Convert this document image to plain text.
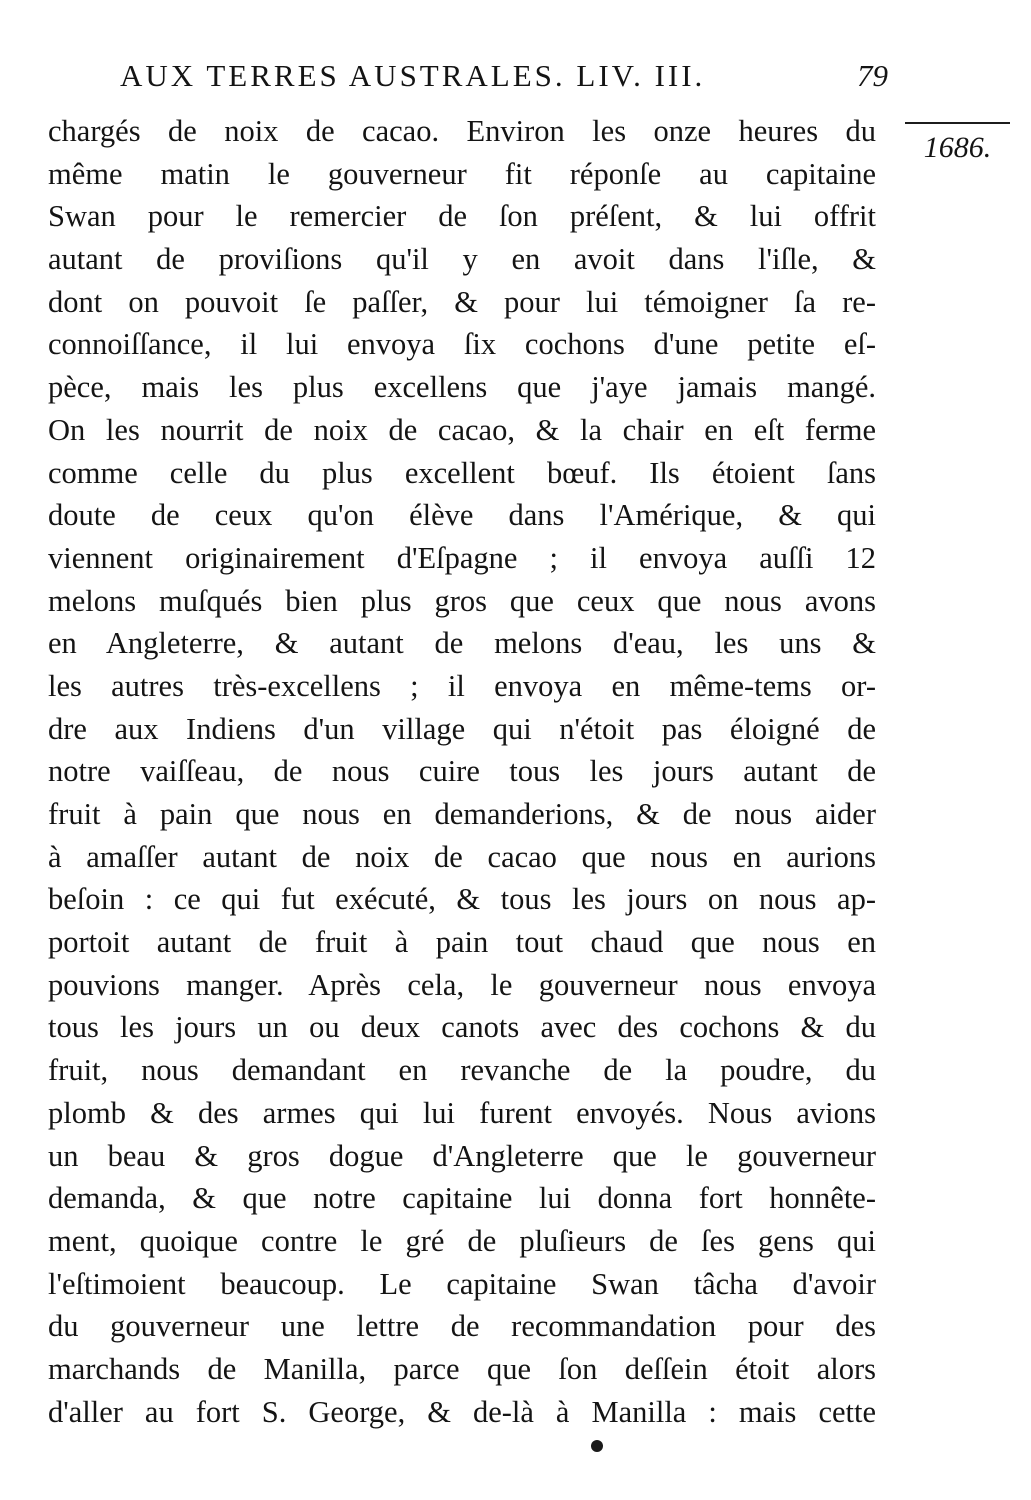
AUX TERRES AUSTRALES. LIV. III.	79
1686.
chargés de noix de cacao. Environ les onze heures du
même matin le gouverneur fit réponſe au capitaine
Swan pour le remercier de ſon préſent, & lui offrit
autant de proviſions qu'il y en avoit dans l'iſle, &
dont on pouvoit ſe paſſer, & pour lui témoigner ſa re-
connoiſſance, il lui envoya ſix cochons d'une petite eſ-
pèce, mais les plus excellens que j'aye jamais mangé.
On les nourrit de noix de cacao, & la chair en eſt ferme
comme celle du plus excellent bœuf. Ils étoient ſans
doute de ceux qu'on élève dans l'Amérique, & qui
viennent originairement d'Eſpagne ; il envoya auſſi 12
melons muſqués bien plus gros que ceux que nous avons
en Angleterre, & autant de melons d'eau, les uns &
les autres très-excellens ; il envoya en même-tems or-
dre aux Indiens d'un village qui n'étoit pas éloigné de
notre vaiſſeau, de nous cuire tous les jours autant de
fruit à pain que nous en demanderions, & de nous aider
à amaſſer autant de noix de cacao que nous en aurions
beſoin : ce qui fut exécuté, & tous les jours on nous ap-
portoit autant de fruit à pain tout chaud que nous en
pouvions manger. Après cela, le gouverneur nous envoya
tous les jours un ou deux canots avec des cochons & du
fruit, nous demandant en revanche de la poudre, du
plomb & des armes qui lui furent envoyés. Nous avions
un beau & gros dogue d'Angleterre que le gouverneur
demanda, & que notre capitaine lui donna fort honnête-
ment, quoique contre le gré de pluſieurs de ſes gens qui
l'eſtimoient beaucoup. Le capitaine Swan tâcha d'avoir
du gouverneur une lettre de recommandation pour des
marchands de Manilla, parce que ſon deſſein étoit alors
d'aller au fort S. George, & de-là à Manilla : mais cette
